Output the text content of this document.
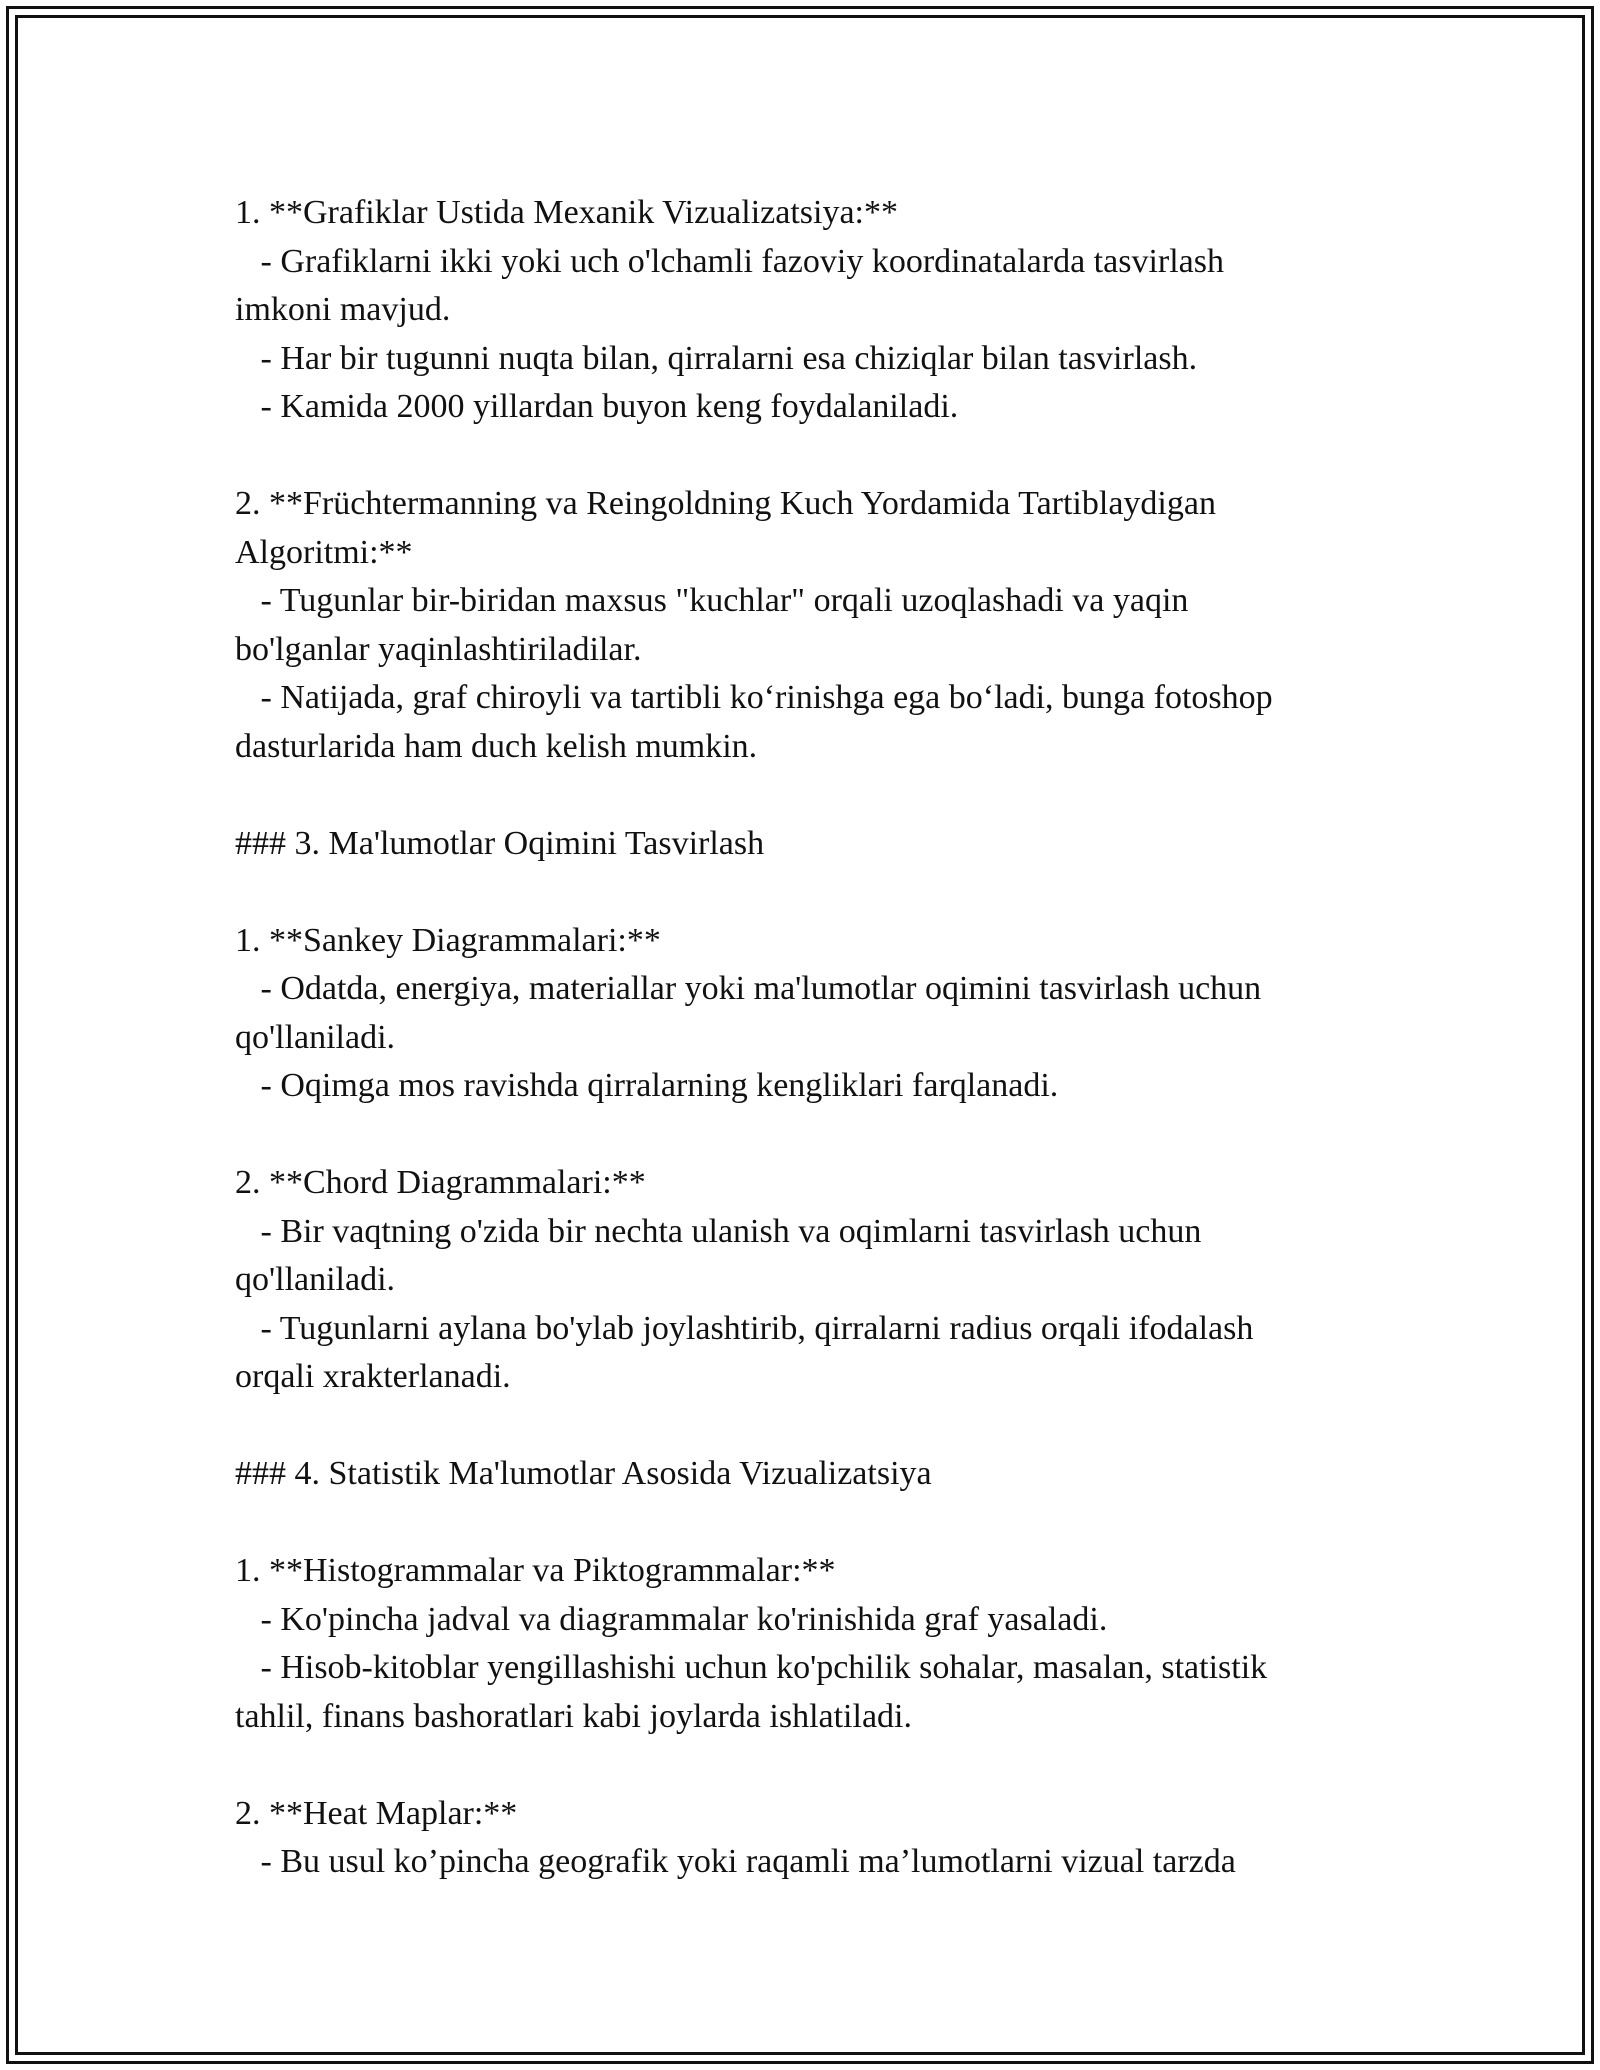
1. **Grafiklar Ustida Mexanik Vizualizatsiya:**
- Grafiklarni ikki yoki uch o'lchamli fazoviy koordinatalarda tasvirlash
imkoni mavjud.
- Har bir tugunni nuqta bilan, qirralarni esa chiziqlar bilan tasvirlash.
- Kamida 2000 yillardan buyon keng foydalaniladi.
2. **Früchtermanning va Reingoldning Kuch Yordamida Tartiblaydigan
Algoritmi:**
- Tugunlar bir-biridan maxsus "kuchlar" orqali uzoqlashadi va yaqin
bo'lganlar yaqinlashtiriladilar.
- Natijada, graf chiroyli va tartibli ko‘rinishga ega bo‘ladi, bunga fotoshop
dasturlarida ham duch kelish mumkin.
### 3. Ma'lumotlar Oqimini Tasvirlash
1. **Sankey Diagrammalari:**
- Odatda, energiya, materiallar yoki ma'lumotlar oqimini tasvirlash uchun
qo'llaniladi.
- Oqimga mos ravishda qirralarning kengliklari farqlanadi.
2. **Chord Diagrammalari:**
- Bir vaqtning o'zida bir nechta ulanish va oqimlarni tasvirlash uchun
qo'llaniladi.
- Tugunlarni aylana bo'ylab joylashtirib, qirralarni radius orqali ifodalash
orqali xrakterlanadi.
### 4. Statistik Ma'lumotlar Asosida Vizualizatsiya
1. **Histogrammalar va Piktogrammalar:**
- Ko'pincha jadval va diagrammalar ko'rinishida graf yasaladi.
- Hisob-kitoblar yengillashishi uchun ko'pchilik sohalar, masalan, statistik
tahlil, finans bashoratlari kabi joylarda ishlatiladi.
2. **Heat Maplar:**
- Bu usul ko’pincha geografik yoki raqamli ma’lumotlarni vizual tarzda
